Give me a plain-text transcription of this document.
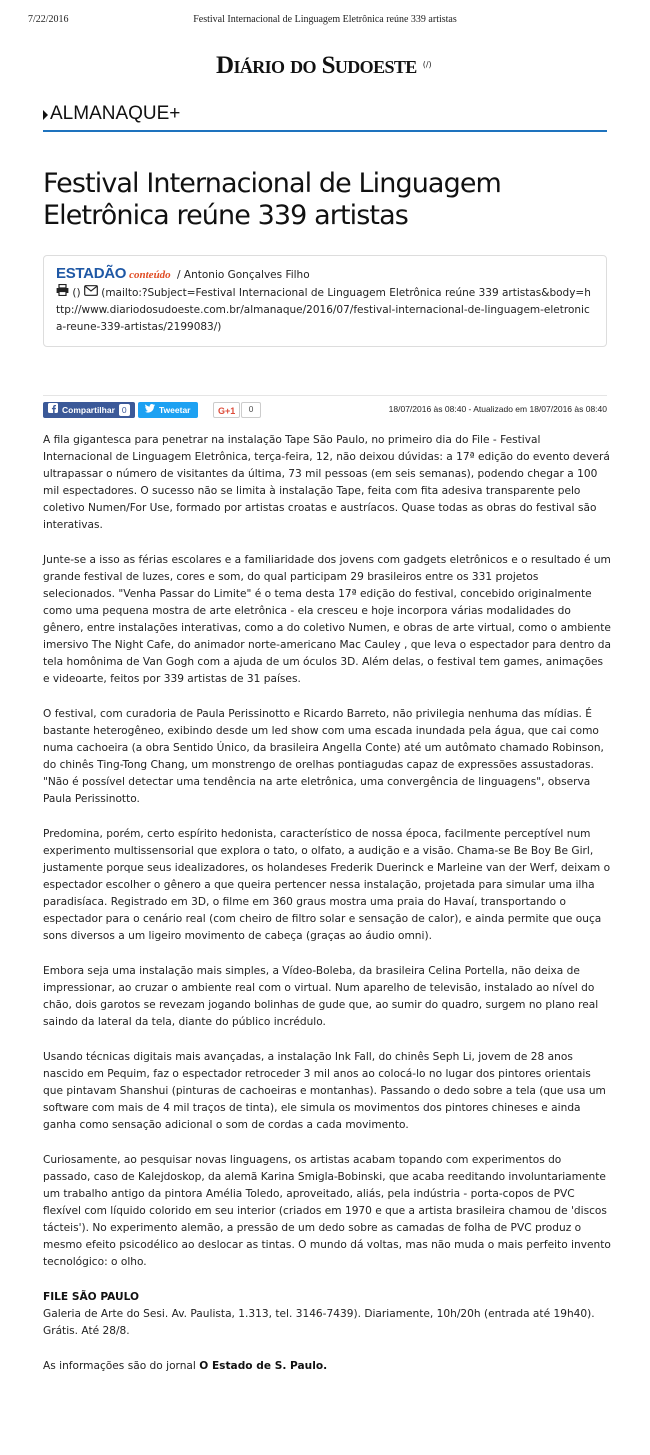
7/22/2016	Festival Internacional de Linguagem Eletrônica reúne 339 artistas
Diário do Sudoeste (/)
ALMANAQUE+
Festival Internacional de Linguagem Eletrônica reúne 339 artistas
ESTADÃO conteúdo / Antonio Gonçalves Filho
() (mailto:?Subject=Festival Internacional de Linguagem Eletrônica reúne 339 artistas&body=http://www.diariodosudoeste.com.br/almanaque/2016/07/festival-internacional-de-linguagem-eletronica-reune-339-artistas/2199083/)
Compartilhar 0	Tweetar	G+1	0	18/07/2016 às 08:40 - Atualizado em 18/07/2016 às 08:40

A fila gigantesca para penetrar na instalação Tape São Paulo, no primeiro dia do File - Festival Internacional de Linguagem Eletrônica, terça-feira, 12, não deixou dúvidas: a 17ª edição do evento deverá ultrapassar o número de visitantes da última, 73 mil pessoas (em seis semanas), podendo chegar a 100 mil espectadores. O sucesso não se limita à instalação Tape, feita com fita adesiva transparente pelo coletivo Numen/For Use, formado por artistas croatas e austríacos. Quase todas as obras do festival são interativas.

Junte-se a isso as férias escolares e a familiaridade dos jovens com gadgets eletrônicos e o resultado é um grande festival de luzes, cores e som, do qual participam 29 brasileiros entre os 331 projetos selecionados. "Venha Passar do Limite" é o tema desta 17ª edição do festival, concebido originalmente como uma pequena mostra de arte eletrônica - ela cresceu e hoje incorpora várias modalidades do gênero, entre instalações interativas, como a do coletivo Numen, e obras de arte virtual, como o ambiente imersivo The Night Cafe, do animador norte-americano Mac Cauley , que leva o espectador para dentro da tela homônima de Van Gogh com a ajuda de um óculos 3D. Além delas, o festival tem games, animações e videoarte, feitos por 339 artistas de 31 países.

O festival, com curadoria de Paula Perissinotto e Ricardo Barreto, não privilegia nenhuma das mídias. É bastante heterogêneo, exibindo desde um led show com uma escada inundada pela água, que cai como numa cachoeira (a obra Sentido Único, da brasileira Angella Conte) até um autômato chamado Robinson, do chinês Ting-Tong Chang, um monstrengo de orelhas pontiagudas capaz de expressões assustadoras. "Não é possível detectar uma tendência na arte eletrônica, uma convergência de linguagens", observa Paula Perissinotto.

Predomina, porém, certo espírito hedonista, característico de nossa época, facilmente perceptível num experimento multissensorial que explora o tato, o olfato, a audição e a visão. Chama-se Be Boy Be Girl, justamente porque seus idealizadores, os holandeses Frederik Duerinck e Marleine van der Werf, deixam o espectador escolher o gênero a que queira pertencer nessa instalação, projetada para simular uma ilha paradisíaca. Registrado em 3D, o filme em 360 graus mostra uma praia do Havaí, transportando o espectador para o cenário real (com cheiro de filtro solar e sensação de calor), e ainda permite que ouça sons diversos a um ligeiro movimento de cabeça (graças ao áudio omni).

Embora seja uma instalação mais simples, a Vídeo-Boleba, da brasileira Celina Portella, não deixa de impressionar, ao cruzar o ambiente real com o virtual. Num aparelho de televisão, instalado ao nível do chão, dois garotos se revezam jogando bolinhas de gude que, ao sumir do quadro, surgem no plano real saindo da lateral da tela, diante do público incrédulo.

Usando técnicas digitais mais avançadas, a instalação Ink Fall, do chinês Seph Li, jovem de 28 anos nascido em Pequim, faz o espectador retroceder 3 mil anos ao colocá-lo no lugar dos pintores orientais que pintavam Shanshui (pinturas de cachoeiras e montanhas). Passando o dedo sobre a tela (que usa um software com mais de 4 mil traços de tinta), ele simula os movimentos dos pintores chineses e ainda ganha como sensação adicional o som de cordas a cada movimento.

Curiosamente, ao pesquisar novas linguagens, os artistas acabam topando com experimentos do passado, caso de Kalejdoskop, da alemã Karina Smigla-Bobinski, que acaba reeditando involuntariamente um trabalho antigo da pintora Amélia Toledo, aproveitado, aliás, pela indústria - porta-copos de PVC flexível com líquido colorido em seu interior (criados em 1970 e que a artista brasileira chamou de 'discos tácteis'). No experimento alemão, a pressão de um dedo sobre as camadas de folha de PVC produz o mesmo efeito psicodélico ao deslocar as tintas. O mundo dá voltas, mas não muda o mais perfeito invento tecnológico: o olho.

FILE SÃO PAULO
Galeria de Arte do Sesi. Av. Paulista, 1.313, tel. 3146-7439). Diariamente, 10h/20h (entrada até 19h40). Grátis. Até 28/8.

As informações são do jornal O Estado de S. Paulo.
